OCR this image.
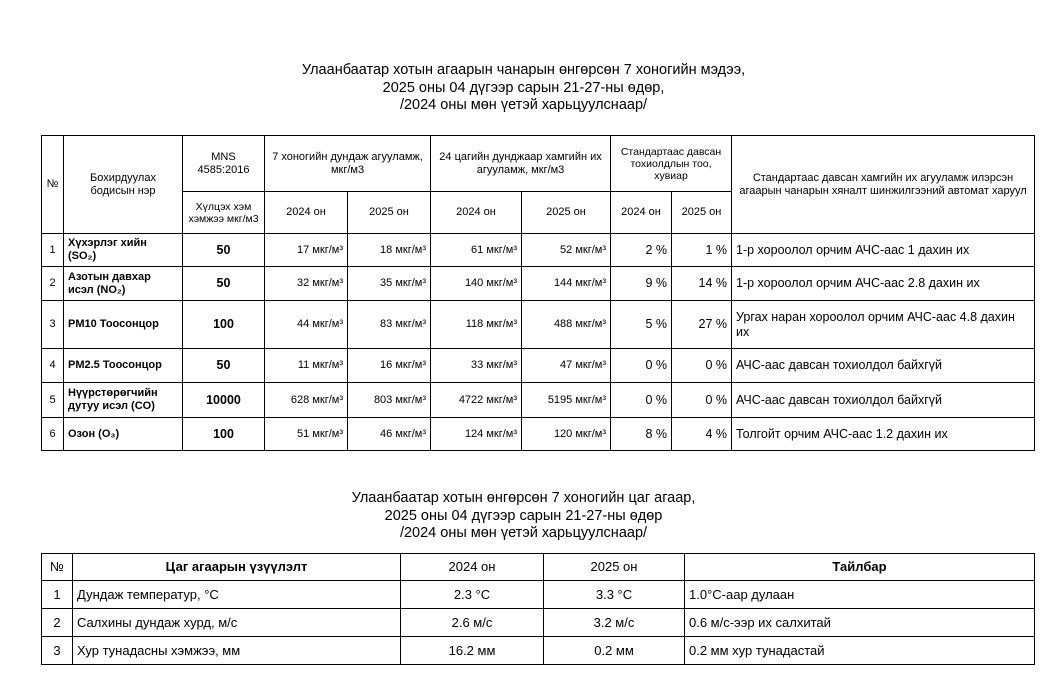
Улаанбаатар хотын агаарын чанарын өнгөрсөн 7 хоногийн мэдээ,
2025 оны 04 дүгээр сарын 21-27-ны өдөр,
/2024 оны мөн үетэй харьцуулснаар/
№	Бохирдуулах бодисын нэр	MNS 4585:2016	7 хоногийн дундаж агууламж, мкг/м3		24 цагийн дунджаар хамгийн их агууламж, мкг/м3		Стандартаас давсан тохиолдлын тоо, хувиар		Стандартаас давсан хамгийн их агууламж илэрсэн агаарын чанарын хяналт шинжилгээний автомат харуул
		Хүлцэх хэм хэмжээ мкг/м3	2024 он	2025 он	2024 он	2025 он	2024 он	2025 он	
1	Хүхэрлэг хийн (SO₂)	50	17 мкг/м³	18 мкг/м³	61 мкг/м³	52 мкг/м³	2 %	1 %	1-р хороолол орчим АЧС-аас 1 дахин их
2	Азотын давхар исэл (NO₂)	50	32 мкг/м³	35 мкг/м³	140 мкг/м³	144 мкг/м³	9 %	14 %	1-р хороолол орчим АЧС-аас 2.8 дахин их
3	PM10 Тоосонцор	100	44 мкг/м³	83 мкг/м³	118 мкг/м³	488 мкг/м³	5 %	27 %	Ургах наран хороолол орчим АЧС-аас 4.8 дахин их
4	PM2.5 Тоосонцор	50	11 мкг/м³	16 мкг/м³	33 мкг/м³	47 мкг/м³	0 %	0 %	АЧС-аас давсан тохиолдол байхгүй
5	Нүүрстөрөгчийн дутуу исэл (CO)	10000	628 мкг/м³	803 мкг/м³	4722 мкг/м³	5195 мкг/м³	0 %	0 %	АЧС-аас давсан тохиолдол байхгүй
6	Озон (O₃)	100	51 мкг/м³	46 мкг/м³	124 мкг/м³	120 мкг/м³	8 %	4 %	Толгойт орчим АЧС-аас 1.2 дахин их
Улаанбаатар хотын өнгөрсөн 7 хоногийн цаг агаар,
2025 оны 04 дүгээр сарын 21-27-ны өдөр
/2024 оны мөн үетэй харьцуулснаар/
№	Цаг агаарын үзүүлэлт	2024 он	2025 он	Тайлбар
1	Дундаж температур, °C	2.3 °C	3.3 °C	1.0°С-аар дулаан
2	Салхины дундаж хурд, м/с	2.6 м/с	3.2 м/с	0.6 м/с-ээр их салхитай
3	Хур тунадасны хэмжээ, мм	16.2 мм	0.2 мм	0.2 мм хур тунадастай
